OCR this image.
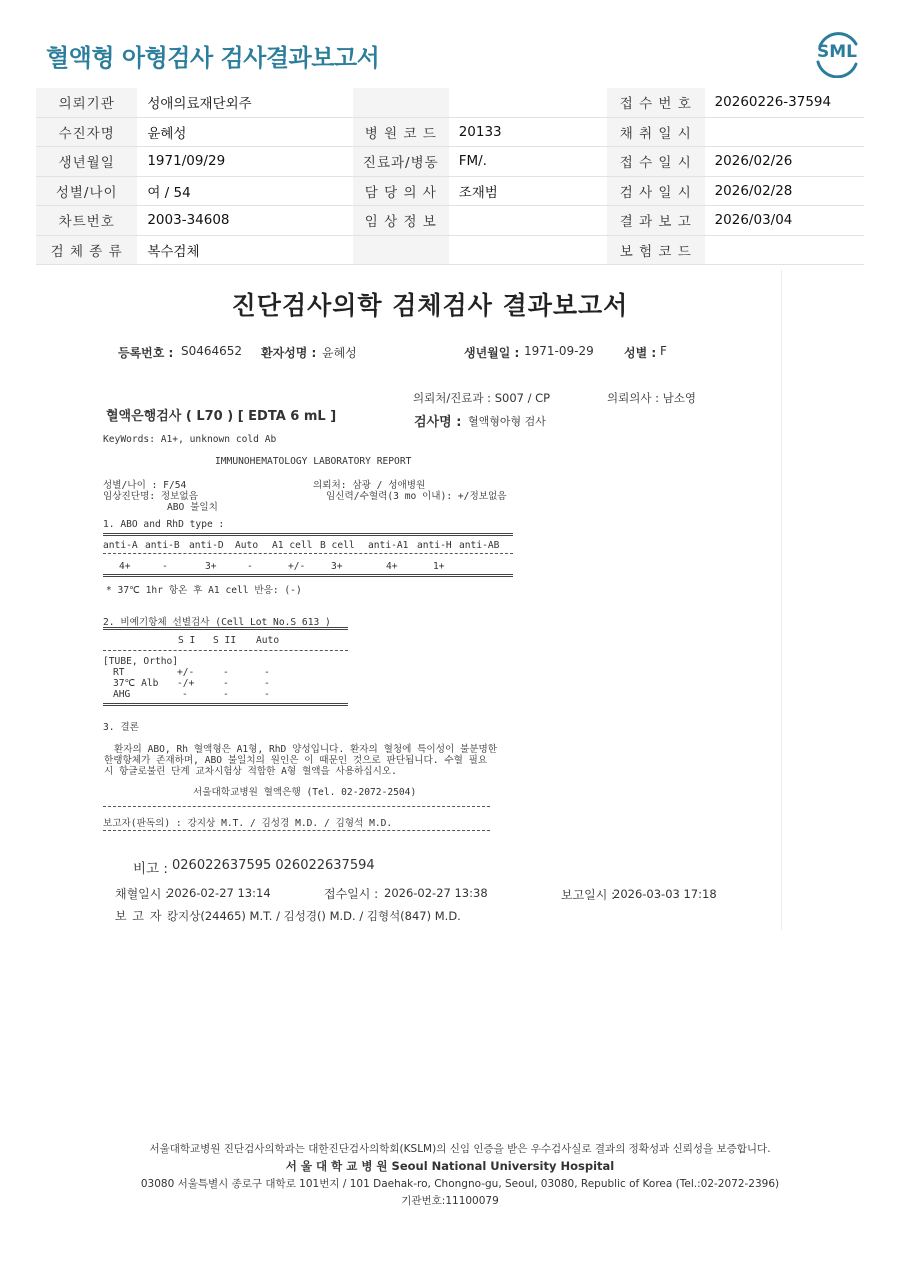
혈액형 아형검사 검사결과보고서	SML
의뢰기관	성애의료재단외주			접 수 번 호	20260226-37594
수진자명	윤혜성	병 원 코 드	20133	채 취 일 시	
생년월일	1971/09/29	진료과/병동	FM/.	접 수 일 시	2026/02/26
성별/나이	여 / 54	담 당 의 사	조재범	검 사 일 시	2026/02/28
차트번호	2003-34608	임 상 정 보		결 과 보 고	2026/03/04
검 체 종 류	복수검체			보 험 코 드	
진단검사의학 검체검사 결과보고서
등록번호 : S0464652 환자성명 : 윤혜성	생년월일 : 1971-09-29	성별 : F
의뢰처/진료과 : S007 / CP	의뢰의사 : 남소영
혈액은행검사 ( L70 ) [ EDTA 6 mL ]	검사명 : 혈액형아형 검사
KeyWords: A1+, unknown cold Ab
IMMUNOHEMATOLOGY LABORATORY REPORT
성별/나이 : F/54	의뢰처: 삼광 / 성애병원
임상진단명: 정보없음	임신력/수혈력(3 mo 이내): +/정보없음
ABO 불일치
1. ABO and RhD type :
anti-A anti-B anti-D Auto A1 cell B cell anti-A1 anti-H anti-AB
4+	-	3+	-	+/-	3+	4+	1+
* 37℃ 1hr 항온 후 A1 cell 반응: (-)
2. 비예기항체 선별검사 (Cell Lot No.S 613 )
S I S II Auto
[TUBE, Ortho]
RT	+/-	-	-
37℃ Alb -/+	-	-
AHG	-	-	-
3. 결론
환자의 ABO, Rh 혈액형은 A1형, RhD 양성입니다. 환자의 혈청에 특이성이 불분명한
한랭항체가 존재하며, ABO 불일치의 원인은 이 때문인 것으로 판단됩니다. 수혈 필요
시 항글로불린 단계 교차시험상 적합한 A형 혈액을 사용하십시오.
서울대학교병원 혈액은행 (Tel. 02-2072-2504)
보고자(판독의) : 강지상 M.T. / 김성경 M.D. / 김형석 M.D.
비고 : 026022637595 026022637594
채혈일시 :
2026-02-27 13:14	접수일시 : 2026-02-27 13:38	보고일시 :
2026-03-03 17:18
보 고 자 :
강지상(24465) M.T. / 김성경() M.D. / 김형석(847) M.D.
서울대학교병원 진단검사의학과는 대한진단검사의학회(KSLM)의 신임 인증을 받은 우수검사실로 결과의 정확성과 신뢰성을 보증합니다.
서 울 대 학 교 병 원 Seoul National University Hospital
03080 서울특별시 종로구 대학로 101번지 / 101 Daehak-ro, Chongno-gu, Seoul, 03080, Republic of Korea (Tel.:02-2072-2396)
기관번호:11100079
